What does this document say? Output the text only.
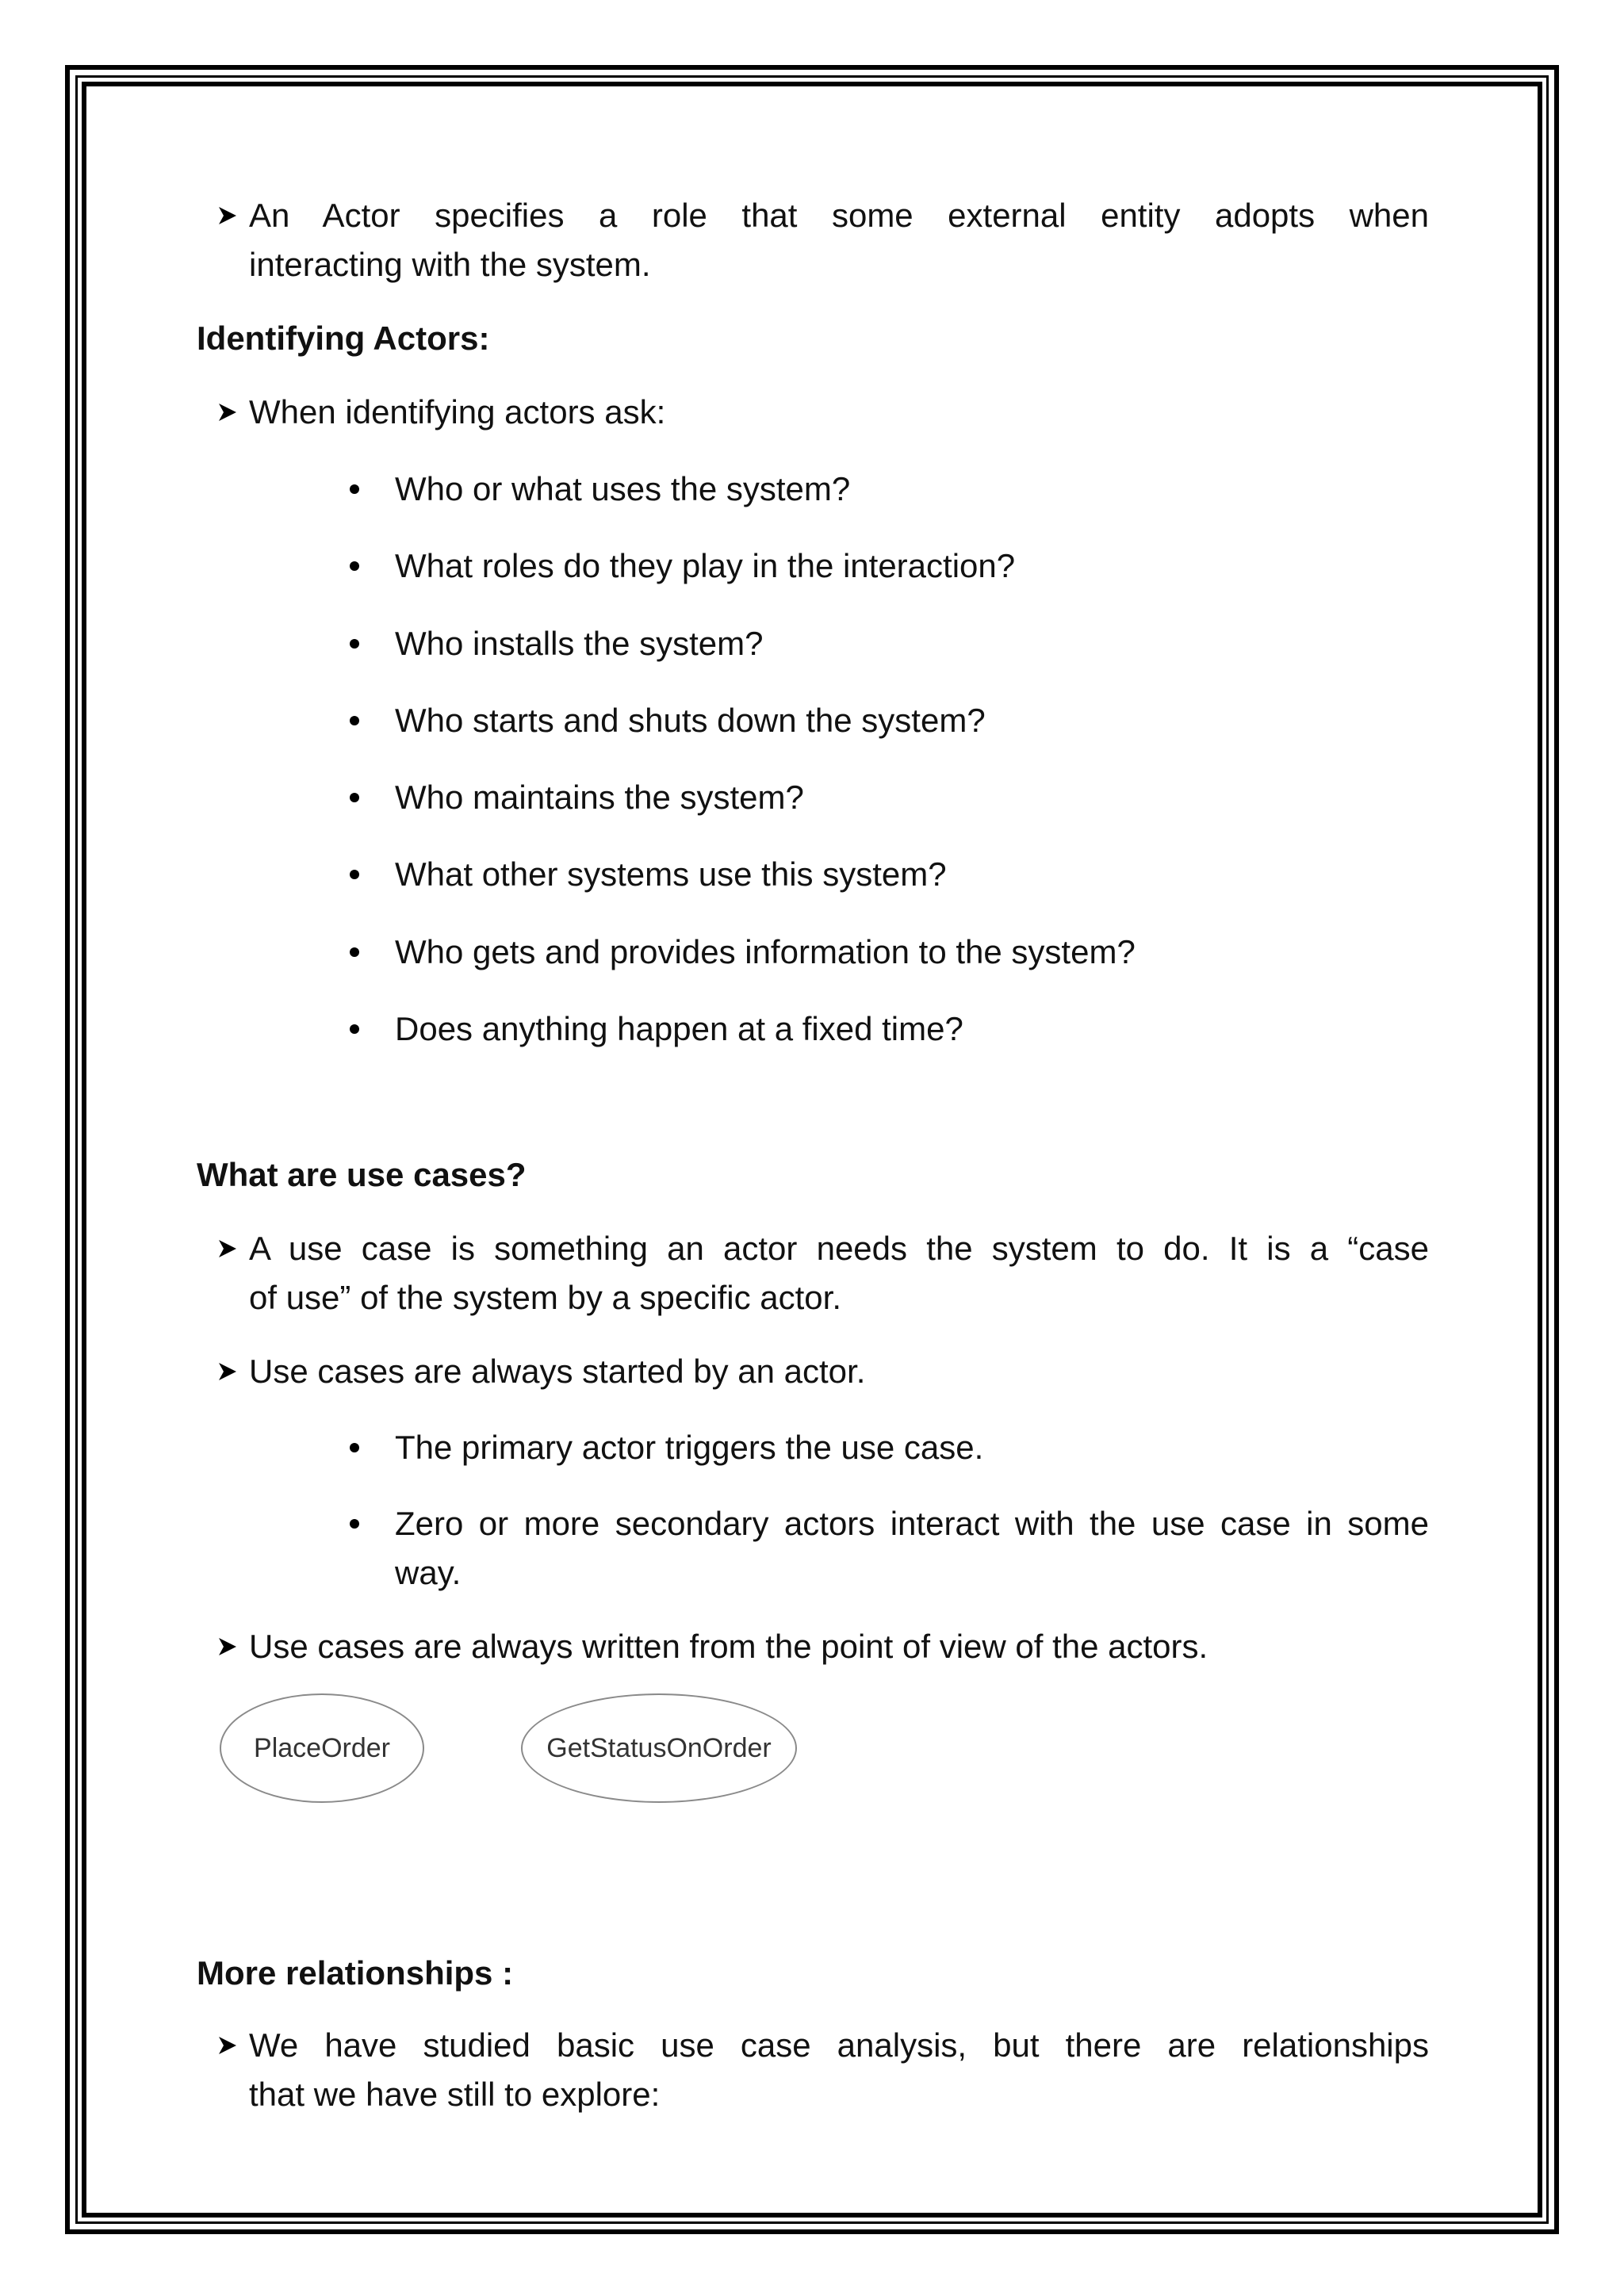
An Actor specifies a role that some external entity adopts when
interacting with the system.
Identifying Actors:
When identifying actors ask:
Who or what uses the system?
What roles do they play in the interaction?
Who installs the system?
Who starts and shuts down the system?
Who maintains the system?
What other systems use this system?
Who gets and provides information to the system?
Does anything happen at a fixed time?
What are use cases?
A use case is something an actor needs the system to do. It is a “case
of use” of the system by a specific actor.
Use cases are always started by an actor.
The primary actor triggers the use case.
Zero or more secondary actors interact with the use case in some
way.
Use cases are always written from the point of view of the actors.
PlaceOrder	GetStatusOnOrder
More relationships :
We have studied basic use case analysis, but there are relationships
that we have still to explore:
